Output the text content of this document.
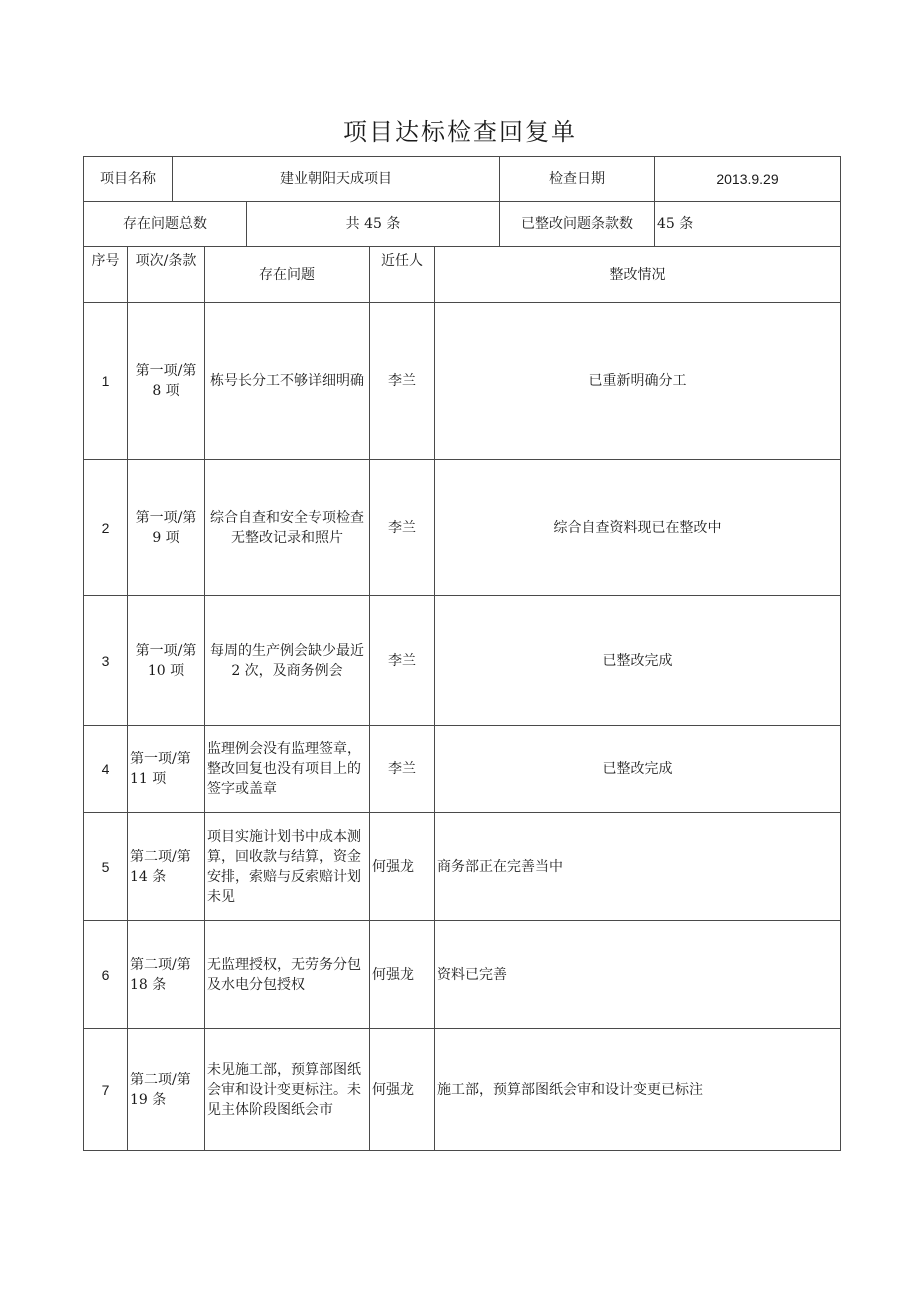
项目达标检查回复单
项目名称	建业朝阳天成项目		检查日期	2013.9.29
存在问题总数		共 45 条	已整改问题条款数	45 条
序号	项次/条款	存在问题	近任人	整改情况
1	第一项/第 8 项	栋号长分工不够详细明确	李兰	已重新明确分工
2	第一项/第 9 项	综合自查和安全专项检查无整改记录和照片	李兰	综合自查资料现已在整改中
3	第一项/第 10 项	每周的生产例会缺少最近 2 次，及商务例会	李兰	已整改完成
4	第一项/第 11 项	监理例会没有监理签章，整改回复也没有项目上的签字或盖章	李兰	已整改完成
5	第二项/第 14 条	项目实施计划书中成本测算，回收款与结算，资金安排，索赔与反索赔计划未见	何强龙	商务部正在完善当中
6	第二项/第 18 条	无监理授权，无劳务分包及水电分包授权	何强龙	资料已完善
7	第二项/第 19 条	未见施工部，预算部图纸会审和设计变更标注。未见主体阶段图纸会市	何强龙	施工部，预算部图纸会审和设计变更已标注
